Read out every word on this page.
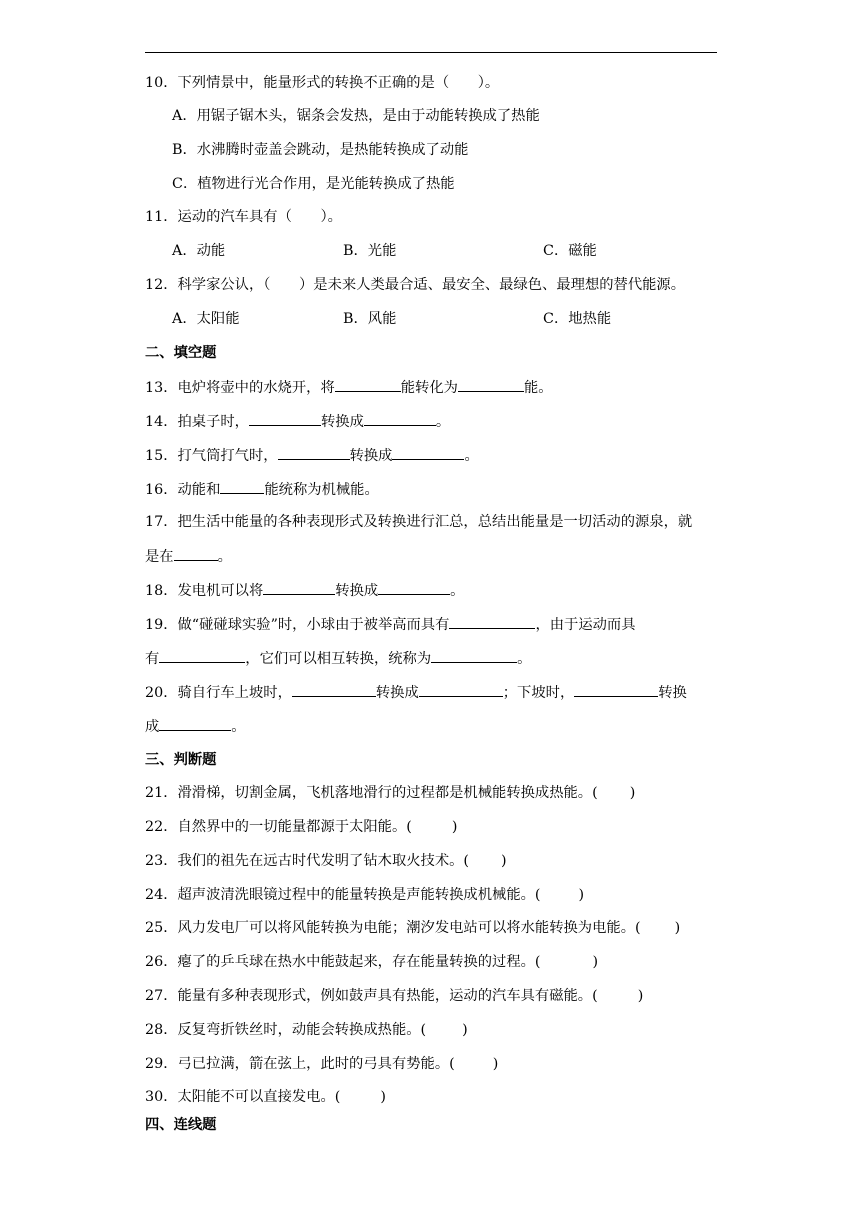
10．下列情景中，能量形式的转换不正确的是（　　）。
A．用锯子锯木头，锯条会发热，是由于动能转换成了热能
B．水沸腾时壶盖会跳动，是热能转换成了动能
C．植物进行光合作用，是光能转换成了热能
11．运动的汽车具有（　　）。
A．动能	B．光能	C．磁能
12．科学家公认，（　　）是未来人类最合适、最安全、最绿色、最理想的替代能源。
A．太阳能	B．风能	C．地热能
二、填空题
13．电炉将壶中的水烧开，将	能转化为	能。
14．拍桌子时，	转换成	。
15．打气筒打气时，	转换成	。
16．动能和	能统称为机械能。
17．把生活中能量的各种表现形式及转换进行汇总，总结出能量是一切活动的源泉，就
是在	。
18．发电机可以将	转换成	。
19．做“碰碰球实验”时，小球由于被举高而具有	，由于运动而具
有	，它们可以相互转换，统称为	。
20．骑自行车上坡时，	转换成	；下坡时，	转换
成	。
三、判断题
21．滑滑梯，切割金属，飞机落地滑行的过程都是机械能转换成热能。( )
22．自然界中的一切能量都源于太阳能。(	)
23．我们的祖先在远古时代发明了钻木取火技术。( )
24．超声波清洗眼镜过程中的能量转换是声能转换成机械能。(	)
25．风力发电厂可以将风能转换为电能；潮汐发电站可以将水能转换为电能。( )
26．瘪了的乒乓球在热水中能鼓起来，存在能量转换的过程。(	)
27．能量有多种表现形式，例如鼓声具有热能，运动的汽车具有磁能。(	)
28．反复弯折铁丝时，动能会转换成热能。(	)
29．弓已拉满，箭在弦上，此时的弓具有势能。(	)
30．太阳能不可以直接发电。(	)
四、连线题
